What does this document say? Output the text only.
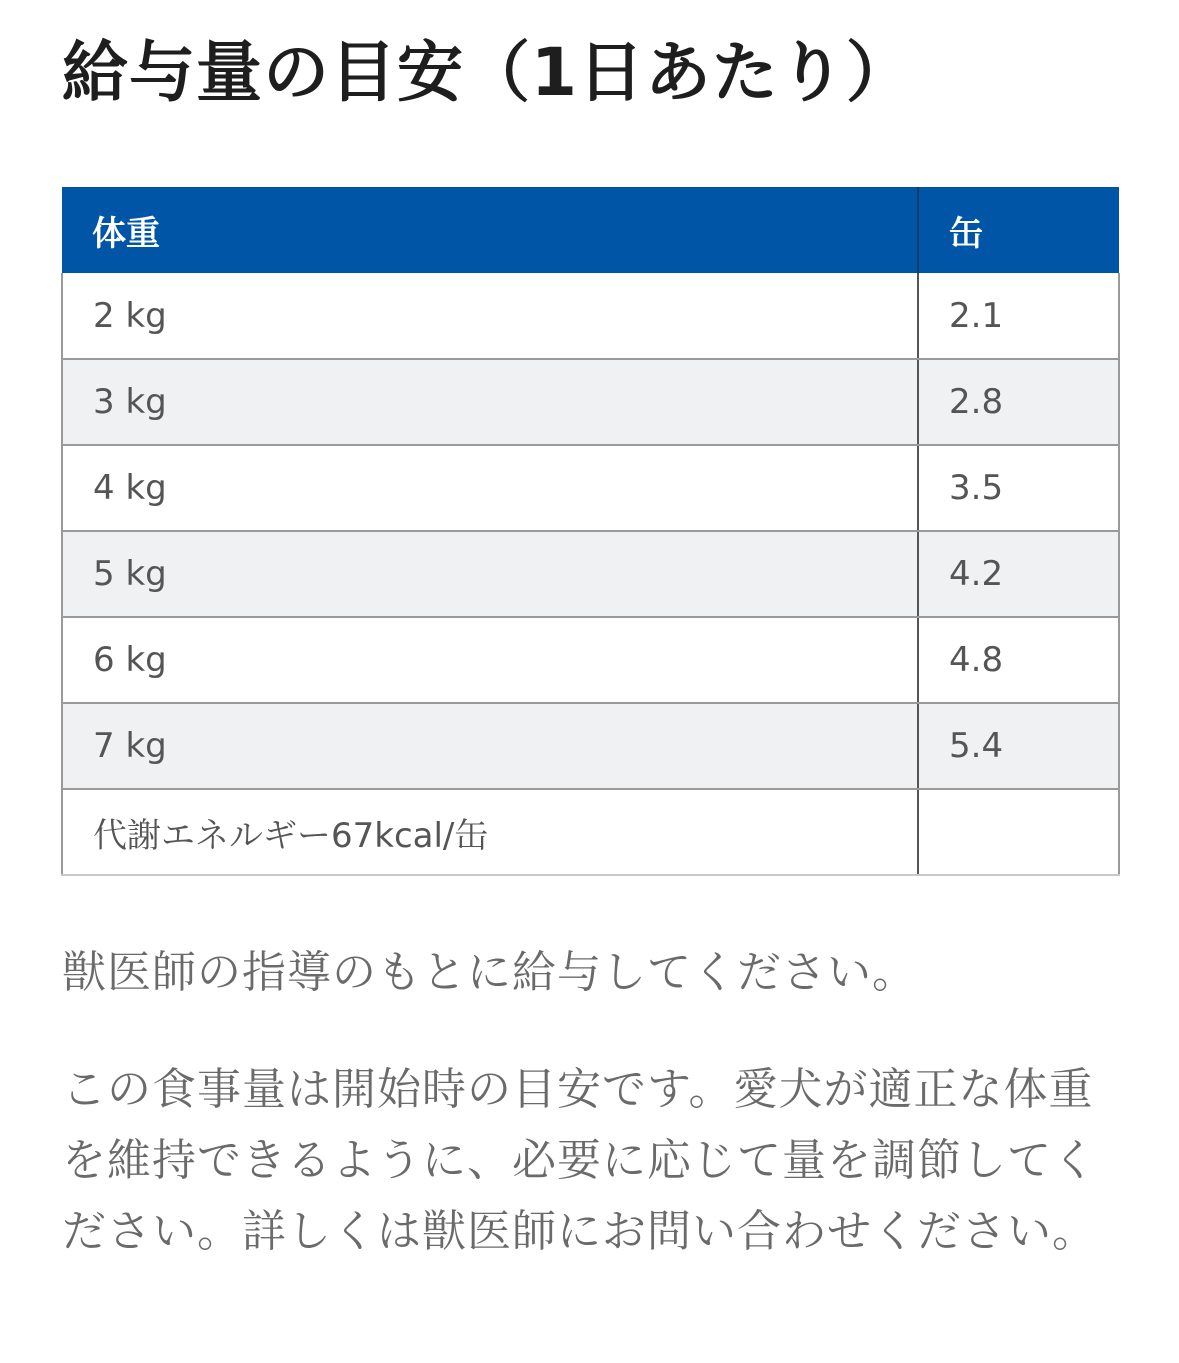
給与量の目安（1日あたり）
体重	缶
2 kg	2.1
3 kg	2.8
4 kg	3.5
5 kg	4.2
6 kg	4.8
7 kg	5.4
代謝エネルギー67kcal/缶	

獣医師の指導のもとに給与してください。

この食事量は開始時の目安です。愛犬が適正な体重を維持できるように、必要に応じて量を調節してください。詳しくは獣医師にお問い合わせください。
